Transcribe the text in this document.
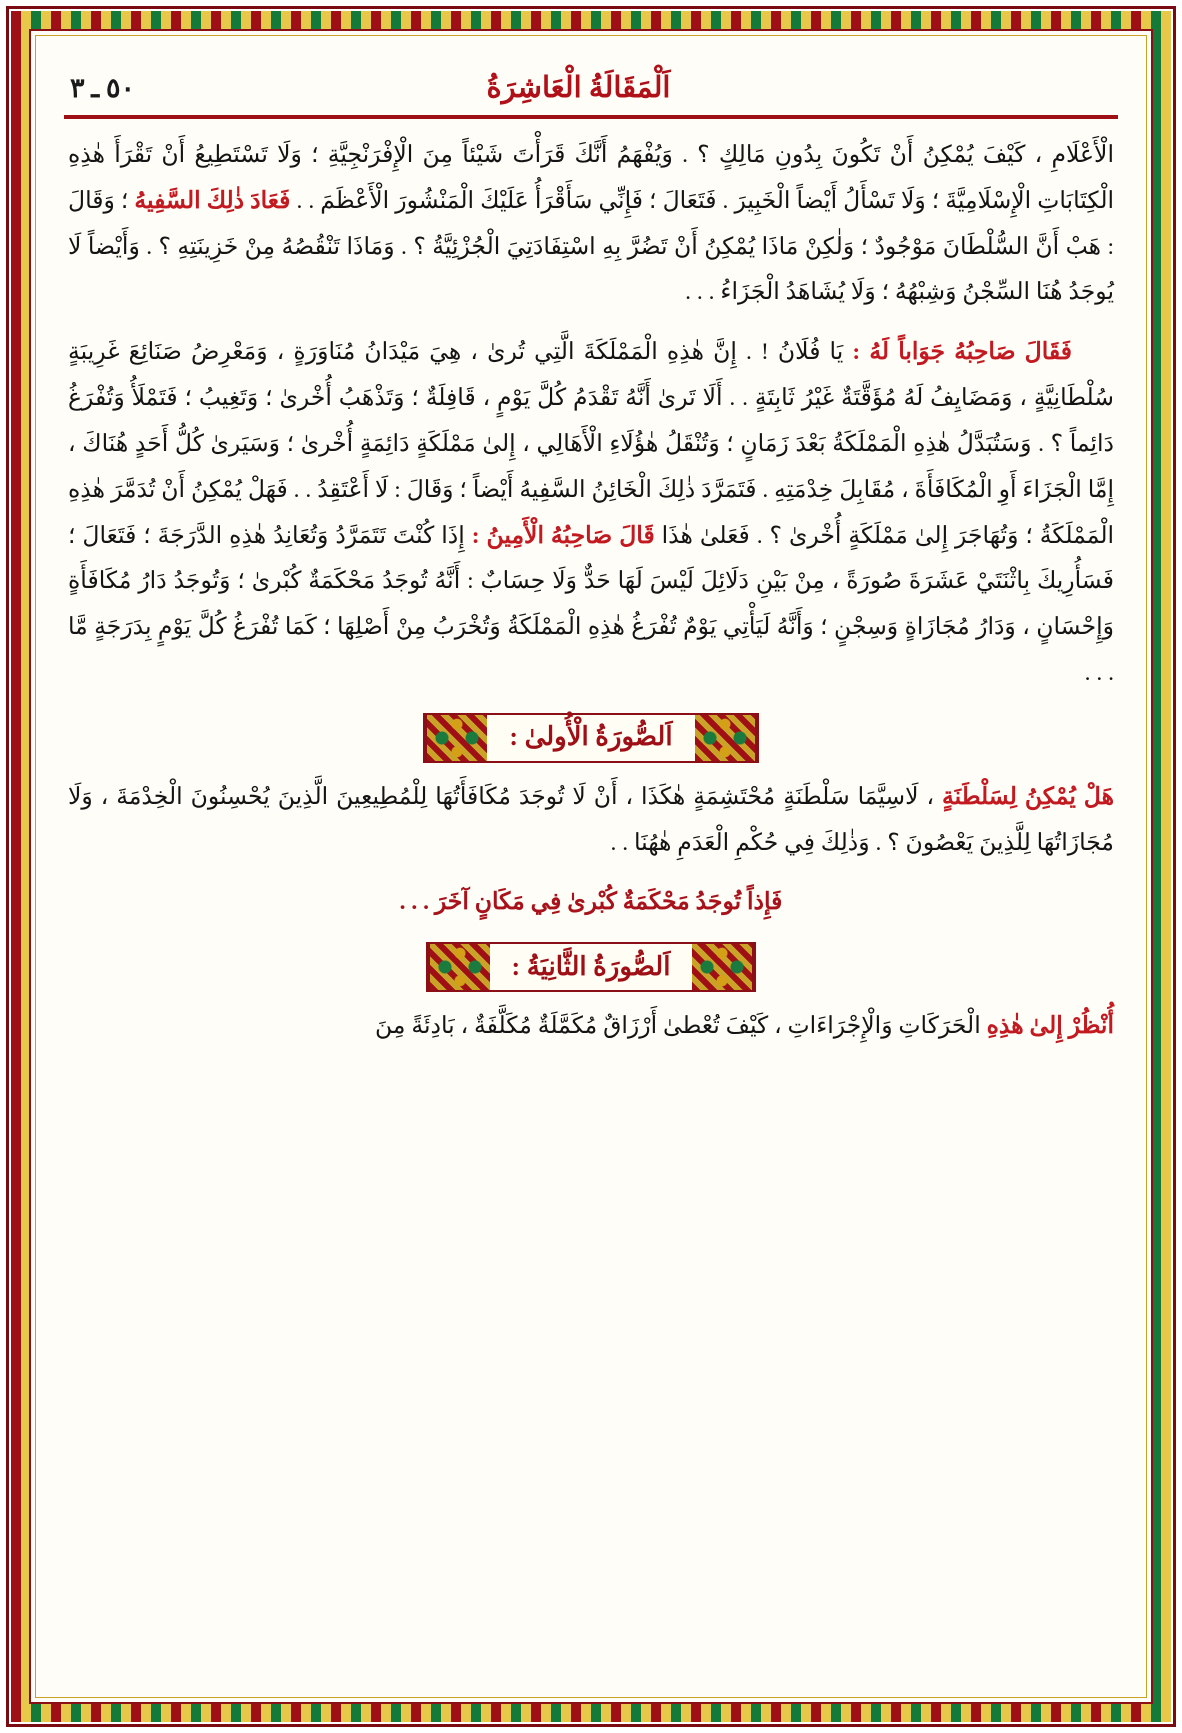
٥٠ ـ ٣	اَلْمَقَالَةُ الْعَاشِرَةُ

الْأَعْلَامِ ، كَيْفَ يُمْكِنُ أَنْ تَكُونَ بِدُونِ مَالِكٍ ؟ . وَيُفْهَمُ أَنَّكَ قَرَأْتَ شَيْئاً مِنَ الْإِفْرَنْجِيَّةِ ؛ وَلَا تَسْتَطِيعُ أَنْ تَقْرَأَ هٰذِهِ الْكِتَابَاتِ الْإِسْلَامِيَّةَ ؛ وَلَا تَسْأَلُ أَيْضاً الْخَبِيرَ . فَتَعَالَ ؛ فَإِنِّي سَأَقْرَأُ عَلَيْكَ الْمَنْشُورَ الْأَعْظَمَ . . فَعَادَ ذٰلِكَ السَّفِيهُ ؛ وَقَالَ : هَبْ أَنَّ السُّلْطَانَ مَوْجُودٌ ؛ وَلٰكِنْ مَاذَا يُمْكِنُ أَنْ تَضُرَّ بِهِ اسْتِفَادَتِيَ الْجُزْئِيَّةُ ؟ . وَمَاذَا تَنْقُصُهُ مِنْ خَزِينَتِهِ ؟ . وَأَيْضاً لَا يُوجَدُ هُنَا السِّجْنُ وَشِبْهُهُ ؛ وَلَا يُشَاهَدُ الْجَزَاءُ . . .

فَقَالَ صَاحِبُهُ جَوَاباً لَهُ : يَا فُلَانُ ! . إِنَّ هٰذِهِ الْمَمْلَكَةَ الَّتِي تُرىٰ ، هِيَ مَيْدَانُ مُنَاوَرَةٍ ، وَمَعْرِضُ صَنَائِعَ غَرِيبَةٍ سُلْطَانِيَّةٍ ، وَمَضَايِفُ لَهُ مُؤَقَّتَةٌ غَيْرُ ثَابِتَةٍ . . أَلَا تَرىٰ أَنَّهُ تَقْدَمُ كُلَّ يَوْمٍ ، قَافِلَةٌ ؛ وَتَذْهَبُ أُخْرىٰ ؛ وَتَغِيبُ ؛ فَتَمْلَأُ وَتُفْرَغُ دَائِماً ؟ . وَسَتُبَدَّلُ هٰذِهِ الْمَمْلَكَةُ بَعْدَ زَمَانٍ ؛ وَتُنْقَلُ هٰؤُلَاءِ الْأَهَالِي ، إِلىٰ مَمْلَكَةٍ دَائِمَةٍ أُخْرىٰ ؛ وَسَيَرىٰ كُلُّ أَحَدٍ هُنَاكَ ، إِمَّا الْجَزَاءَ أَوِ الْمُكَافَأَةَ ، مُقَابِلَ خِدْمَتِهِ . فَتَمَرَّدَ ذٰلِكَ الْخَائِنُ السَّفِيهُ أَيْضاً ؛ وَقَالَ : لَا أَعْتَقِدُ . . فَهَلْ يُمْكِنُ أَنْ تُدَمَّرَ هٰذِهِ الْمَمْلَكَةُ ؛ وَتُهَاجَرَ إِلىٰ مَمْلَكَةٍ أُخْرىٰ ؟ . فَعَلىٰ هٰذَا قَالَ صَاحِبُهُ الْأَمِينُ : إِذَا كُنْتَ تَتَمَرَّدُ وَتُعَانِدُ هٰذِهِ الدَّرَجَةَ ؛ فَتَعَالَ ؛ فَسَأُرِيكَ بِاثْنَتَيْ عَشَرَةَ صُورَةً ، مِنْ بَيْنِ دَلَائِلَ لَيْسَ لَهَا حَدٌّ وَلَا حِسَابٌ : أَنَّهُ تُوجَدُ مَحْكَمَةٌ كُبْرىٰ ؛ وَتُوجَدُ دَارُ مُكَافَأَةٍ وَإِحْسَانٍ ، وَدَارُ مُجَازَاةٍ وَسِجْنٍ ؛ وَأَنَّهُ لَيَأْتِي يَوْمٌ تُفْرَغُ هٰذِهِ الْمَمْلَكَةُ وَتُخْرَبُ مِنْ أَصْلِهَا ؛ كَمَا تُفْرَغُ كُلَّ يَوْمٍ بِدَرَجَةٍ مَّا . . .

اَلصُّورَةُ الْأُولىٰ :

هَلْ يُمْكِنُ لِسَلْطَنَةٍ ، لَاسِيَّمَا سَلْطَنَةٍ مُحْتَشِمَةٍ هٰكَذَا ، أَنْ لَا تُوجَدَ مُكَافَأَتُهَا لِلْمُطِيعِينَ الَّذِينَ يُحْسِنُونَ الْخِدْمَةَ ، وَلَا مُجَازَاتُهَا لِلَّذِينَ يَعْصُونَ ؟ . وَذٰلِكَ فِي حُكْمِ الْعَدَمِ هٰهُنَا . .

فَإِذاً تُوجَدُ مَحْكَمَةٌ كُبْرىٰ فِي مَكَانٍ آخَرَ . . .

اَلصُّورَةُ الثَّانِيَةُ :

أُنْظُرْ إِلىٰ هٰذِهِ الْحَرَكَاتِ وَالْإِجْرَاءَاتِ ، كَيْفَ تُعْطىٰ أَرْزَاقٌ مُكَمَّلَةٌ مُكَلَّفَةٌ ، بَادِئَةً مِنَ
